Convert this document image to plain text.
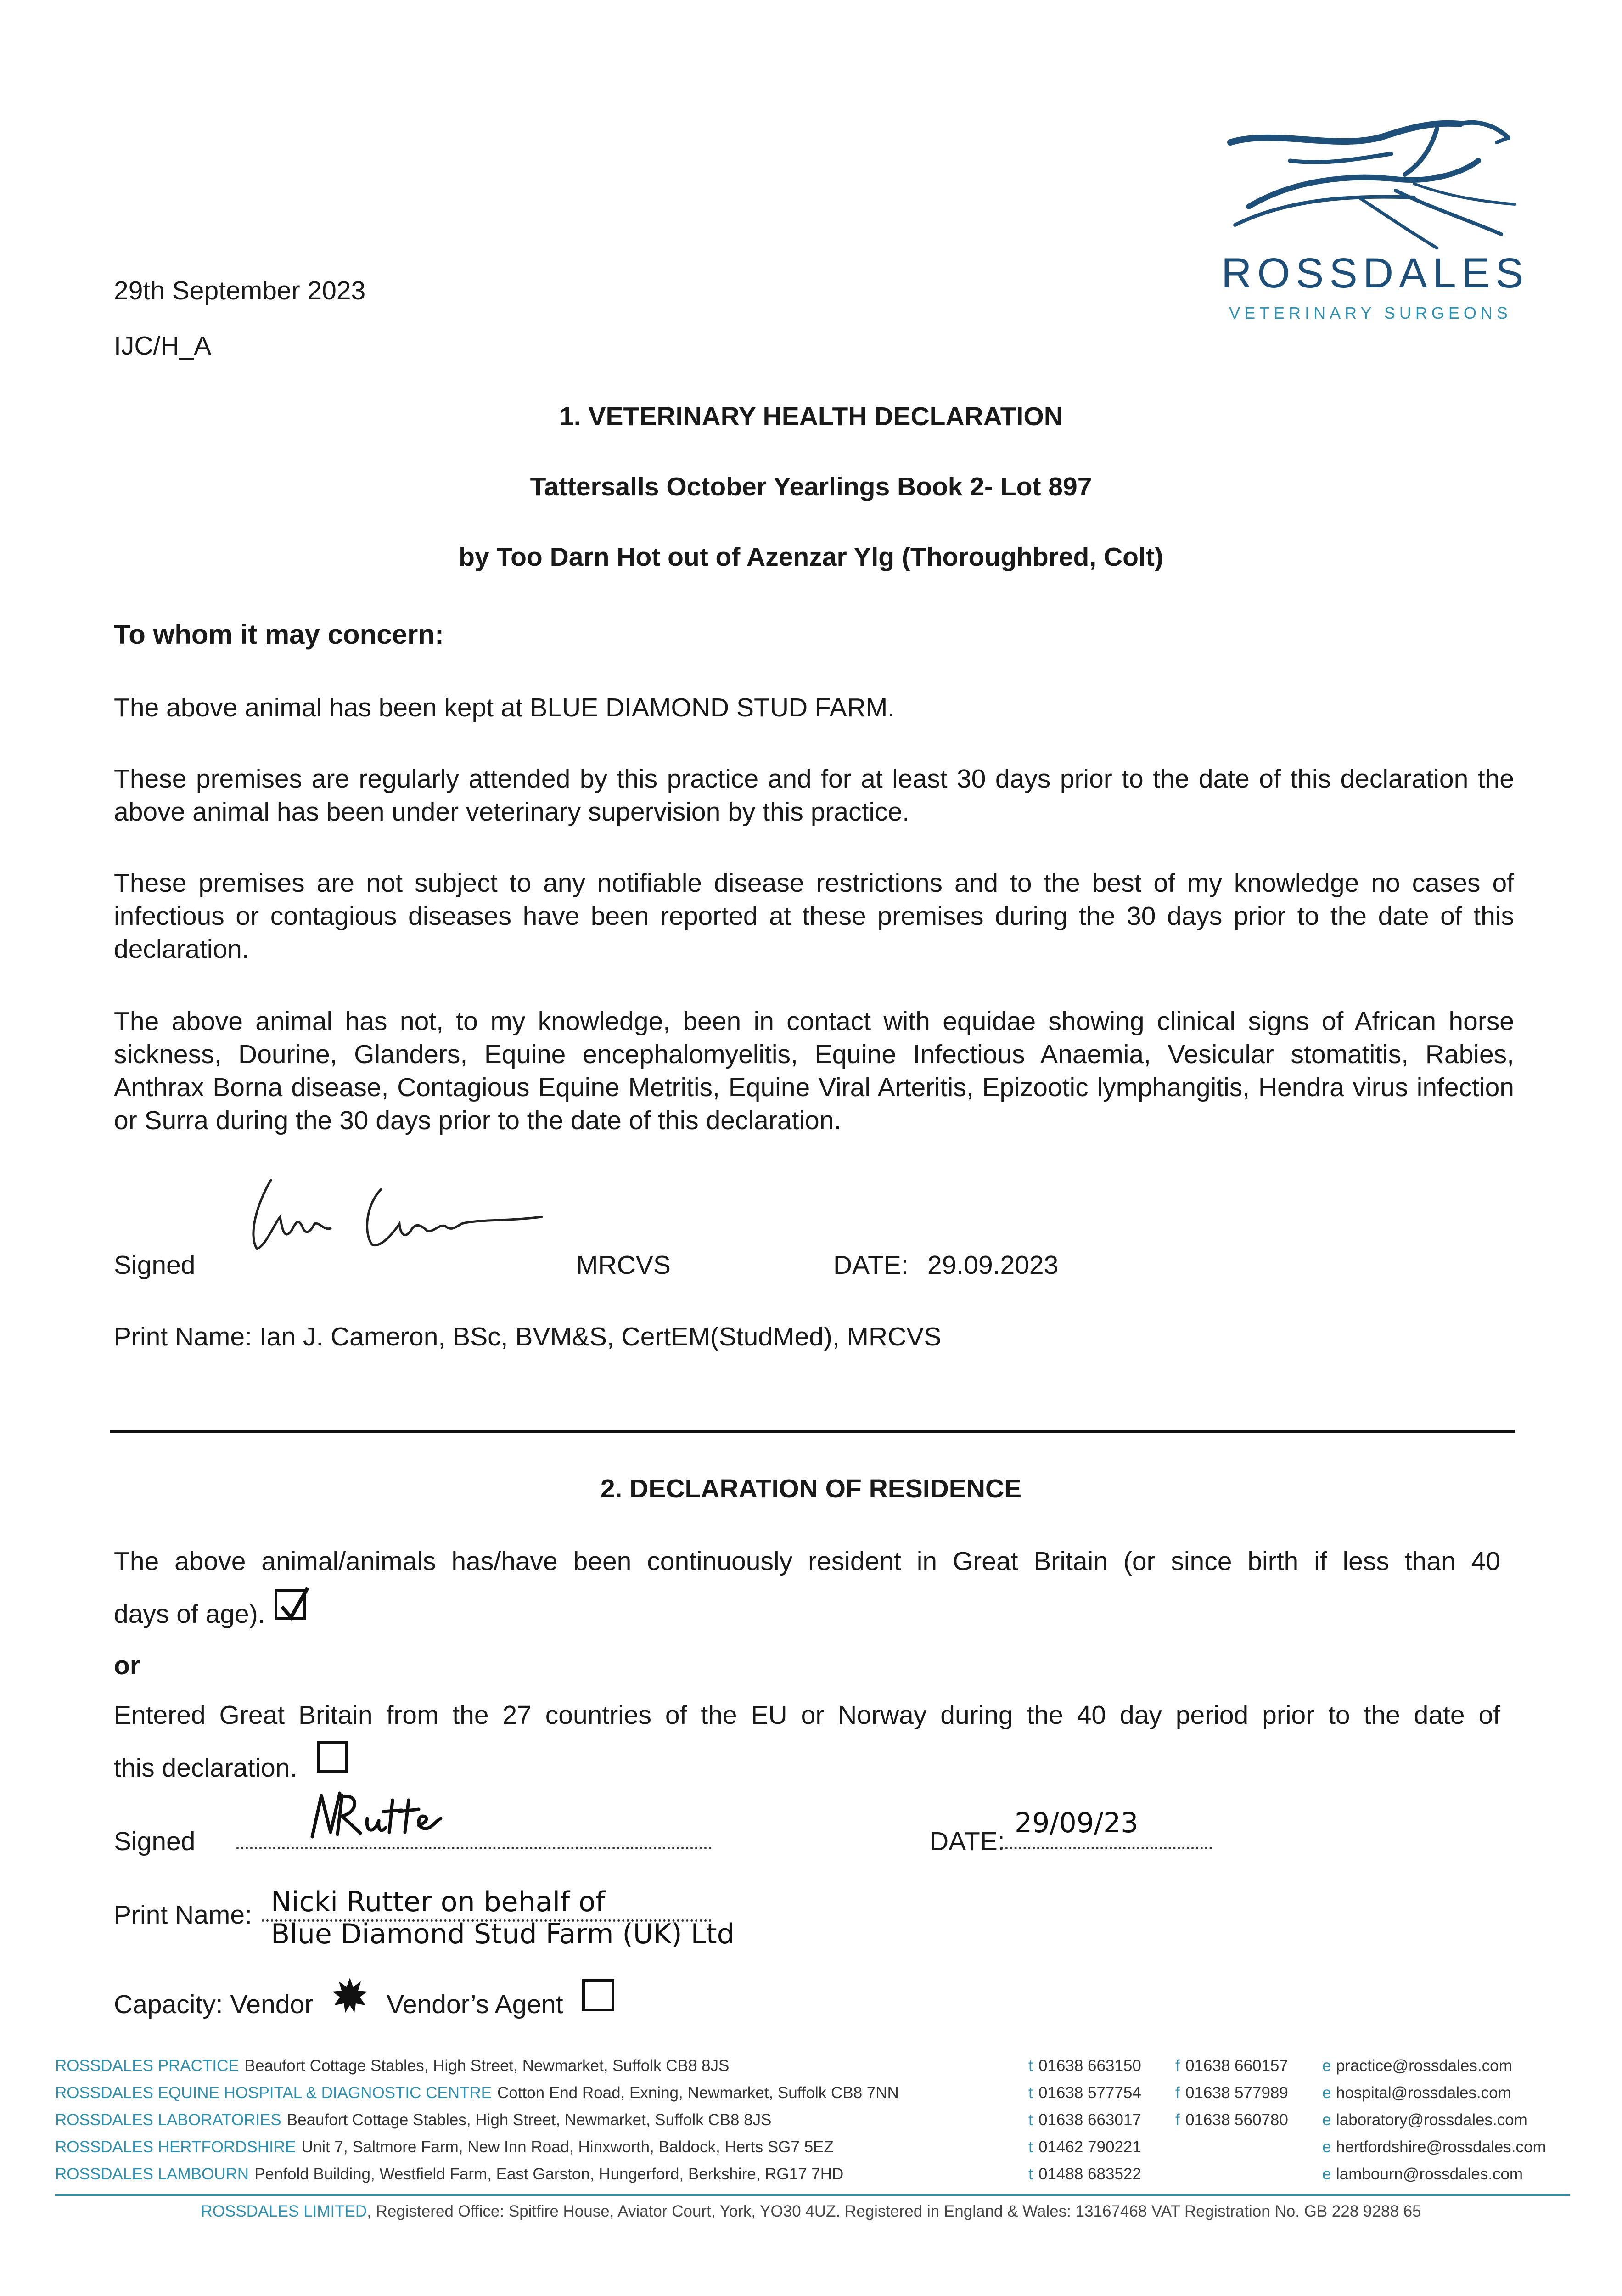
ROSSDALES
VETERINARY SURGEONS
29th September 2023
IJC/H_A
1. VETERINARY HEALTH DECLARATION
Tattersalls October Yearlings Book 2- Lot 897
by Too Darn Hot out of Azenzar Ylg (Thoroughbred, Colt)
To whom it may concern:
The above animal has been kept at BLUE DIAMOND STUD FARM.
These premises are regularly attended by this practice and for at least 30 days prior to the date of this declaration the above animal has been under veterinary supervision by this practice.
These premises are not subject to any notifiable disease restrictions and to the best of my knowledge no cases of infectious or contagious diseases have been reported at these premises during the 30 days prior to the date of this declaration.
The above animal has not, to my knowledge, been in contact with equidae showing clinical signs of African horse sickness, Dourine, Glanders, Equine encephalomyelitis, Equine Infectious Anaemia, Vesicular stomatitis, Rabies, Anthrax Borna disease, Contagious Equine Metritis, Equine Viral Arteritis, Epizootic lymphangitis, Hendra virus infection or Surra during the 30 days prior to the date of this declaration.
Signed	MRCVS	DATE: 29.09.2023
Print Name: Ian J. Cameron, BSc, BVM&S, CertEM(StudMed), MRCVS
2. DECLARATION OF RESIDENCE
The above animal/animals has/have been continuously resident in Great Britain (or since birth if less than 40
days of age).
or
Entered Great Britain from the 27 countries of the EU or Norway during the 40 day period prior to the date of
this declaration.
Signed	DATE:
29/09/23
Print Name: Nicki Rutter on behalf of
Blue Diamond Stud Farm (UK) Ltd
Capacity: Vendor	Vendor’s Agent
ROSSDALES PRACTICE Beaufort Cottage Stables, High Street, Newmarket, Suffolk CB8 8JS	t 01638 663150 f 01638 660157 e practice@rossdales.com
ROSSDALES EQUINE HOSPITAL & DIAGNOSTIC CENTRE Cotton End Road, Exning, Newmarket, Suffolk CB8 7NN	t 01638 577754 f 01638 577989 e hospital@rossdales.com
ROSSDALES LABORATORIES Beaufort Cottage Stables, High Street, Newmarket, Suffolk CB8 8JS	t 01638 663017 f 01638 560780 e laboratory@rossdales.com
ROSSDALES HERTFORDSHIRE Unit 7, Saltmore Farm, New Inn Road, Hinxworth, Baldock, Herts SG7 5EZ	t 01462 790221	e hertfordshire@rossdales.com
ROSSDALES LAMBOURN Penfold Building, Westfield Farm, East Garston, Hungerford, Berkshire, RG17 7HD	t 01488 683522	e lambourn@rossdales.com
ROSSDALES LIMITED, Registered Office: Spitfire House, Aviator Court, York, YO30 4UZ. Registered in England & Wales: 13167468 VAT Registration No. GB 228 9288 65
